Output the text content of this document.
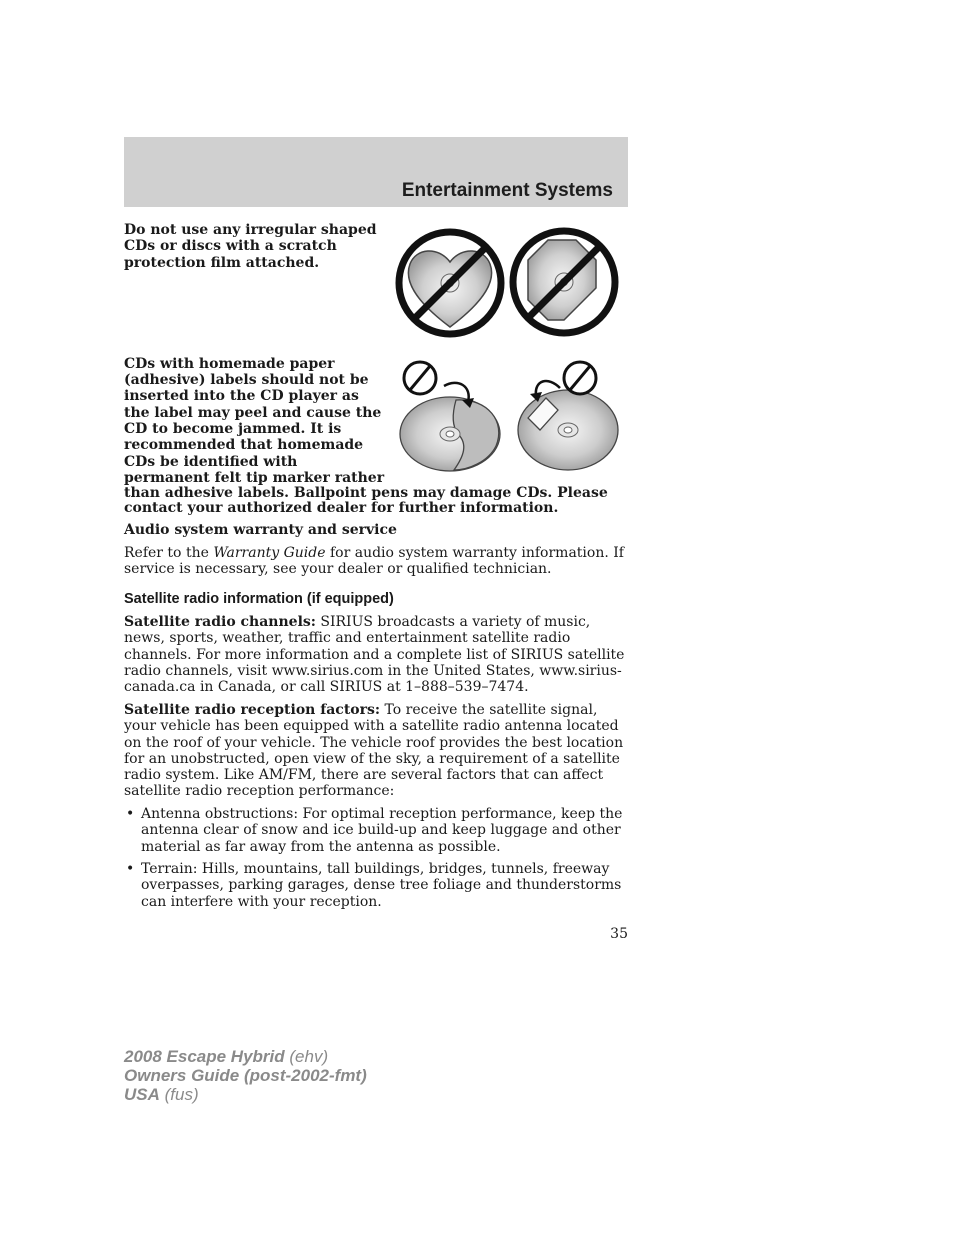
Entertainment Systems

Do not use any irregular shaped CDs or discs with a scratch protection film attached.

CDs with homemade paper

(adhesive) labels should not be

inserted into the CD player as

the label may peel and cause the

CD to become jammed. It is

recommended that homemade

CDs be identified with

permanent felt tip marker rather

than adhesive labels. Ballpoint pens may damage CDs. Please

contact your authorized dealer for further information.

Audio system warranty and service

Refer to the Warranty Guide for audio system warranty information. If service is necessary, see your dealer or qualified technician.

Satellite radio information (if equipped)

Satellite radio channels: SIRIUS broadcasts a variety of music, news, sports, weather, traffic and entertainment satellite radio channels. For more information and a complete list of SIRIUS satellite radio channels, visit www.sirius.com in the United States, www.sirius-canada.ca in Canada, or call SIRIUS at 1–888–539–7474.

Satellite radio reception factors: To receive the satellite signal, your vehicle has been equipped with a satellite radio antenna located on the roof of your vehicle. The vehicle roof provides the best location for an unobstructed, open view of the sky, a requirement of a satellite radio system. Like AM/FM, there are several factors that can affect satellite radio reception performance:

• Antenna obstructions: For optimal reception performance, keep the antenna clear of snow and ice build-up and keep luggage and other material as far away from the antenna as possible.
• Terrain: Hills, mountains, tall buildings, bridges, tunnels, freeway overpasses, parking garages, dense tree foliage and thunderstorms can interfere with your reception.
35
2008 Escape Hybrid (ehv)
Owners Guide (post-2002-fmt)
USA (fus)
